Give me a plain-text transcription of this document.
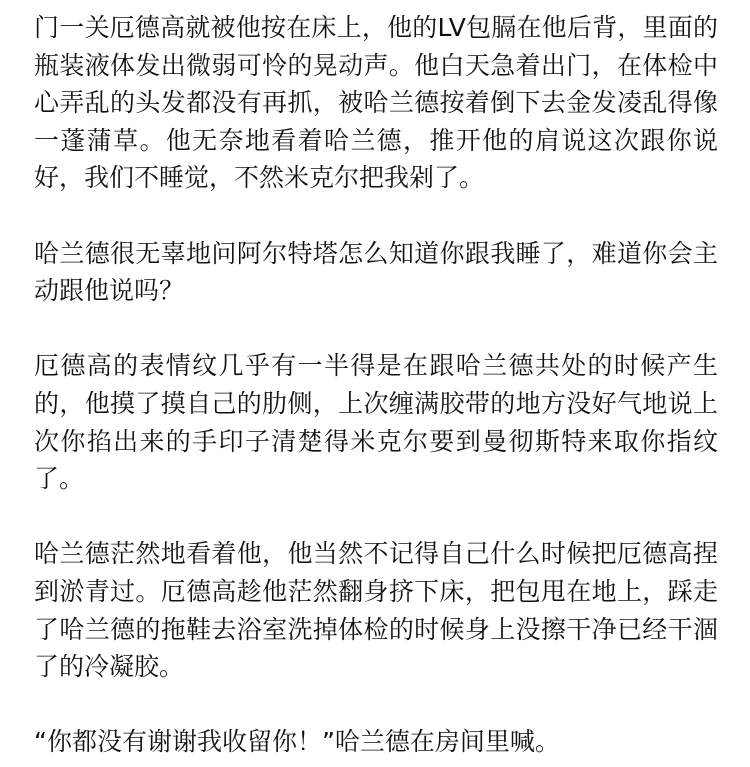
门一关厄德高就被他按在床上，他的LV包膈在他后背，里面的瓶装液体发出微弱可怜的晃动声。他白天急着出门，在体检中心弄乱的头发都没有再抓，被哈兰德按着倒下去金发凌乱得像一蓬蒲草。他无奈地看着哈兰德，推开他的肩说这次跟你说好，我们不睡觉，不然米克尔把我剁了。

哈兰德很无辜地问阿尔特塔怎么知道你跟我睡了，难道你会主动跟他说吗？

厄德高的表情纹几乎有一半得是在跟哈兰德共处的时候产生的，他摸了摸自己的肋侧，上次缠满胶带的地方没好气地说上次你掐出来的手印子清楚得米克尔要到曼彻斯特来取你指纹了。

哈兰德茫然地看着他，他当然不记得自己什么时候把厄德高捏到淤青过。厄德高趁他茫然翻身挤下床，把包甩在地上，踩走了哈兰德的拖鞋去浴室洗掉体检的时候身上没擦干净已经干涸了的冷凝胶。

“你都没有谢谢我收留你！”哈兰德在房间里喊。
